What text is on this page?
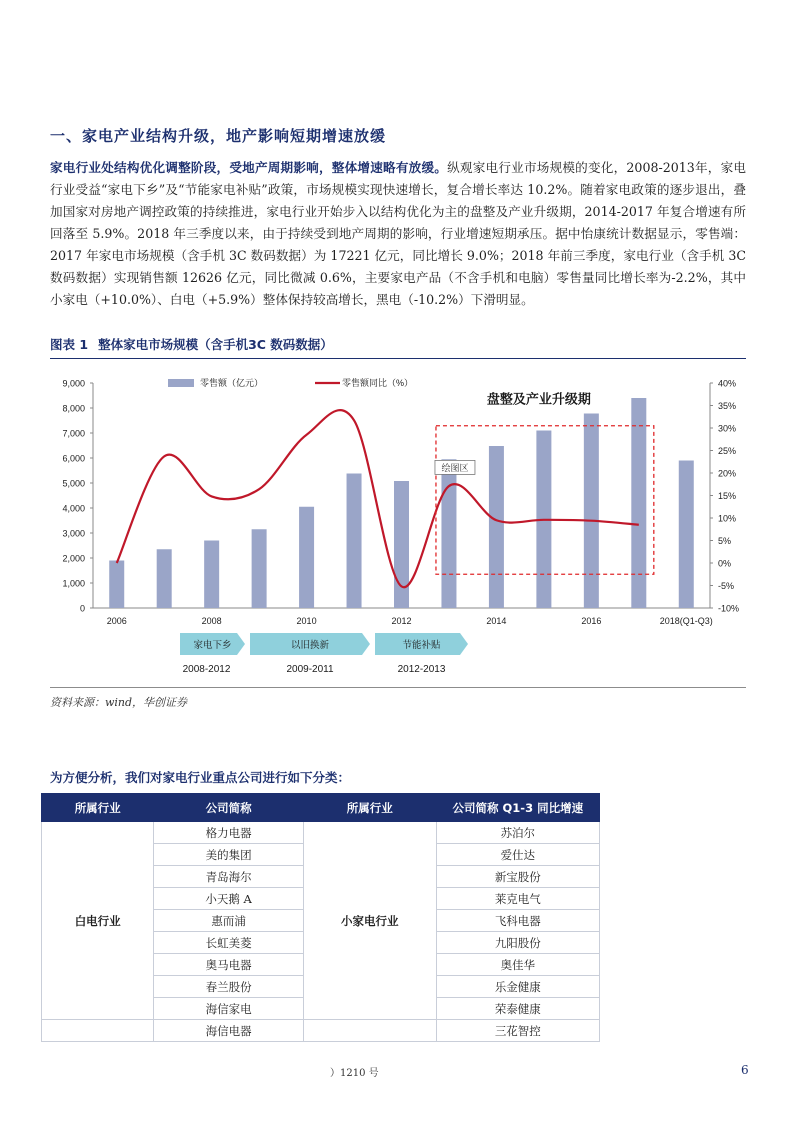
一、家电产业结构升级，地产影响短期增速放缓

家电行业处结构优化调整阶段，受地产周期影响，整体增速略有放缓。纵观家电行业市场规模的变化，2008-2013年，家电行业受益“家电下乡”及“节能家电补贴”政策，市场规模实现快速增长，复合增长率达 10.2%。随着家电政策的逐步退出，叠加国家对房地产调控政策的持续推进，家电行业开始步入以结构优化为主的盘整及产业升级期，2014-2017 年复合增速有所回落至 5.9%。2018 年三季度以来，由于持续受到地产周期的影响，行业增速短期承压。据中怡康统计数据显示，零售端：2017 年家电市场规模（含手机 3C 数码数据）为 17221 亿元，同比增长 9.0%；2018 年前三季度，家电行业（含手机 3C 数码数据）实现销售额 12626 亿元，同比微减 0.6%，主要家电产品（不含手机和电脑）零售量同比增长率为-2.2%，其中小家电（+10.0%）、白电（+5.9%）整体保持较高增长，黑电（-10.2%）下滑明显。

图表 1 整体家电市场规模（含手机3C 数码数据）
0
1,000
2,000
3,000
4,000
5,000
6,000
7,000
8,000
9,000
-10%
-5%
0%
5%
10%
15%
20%
25%
30%
35%
40%
2006	2008	2010	2012	2014	2016	2018(Q1-Q3)
盘整及产业升级期
绘图区
零售额（亿元）	零售额同比（%）
家电下乡
2008-2012
以旧换新
2009-2011
节能补贴
2012-2013
资料来源：wind，华创证券
为方便分析，我们对家电行业重点公司进行如下分类：
所属行业	公司简称	所属行业	公司简称 Q1-3 同比增速
白电行业	格力电器	小家电行业	苏泊尔
	美的集团		爱仕达
	青岛海尔		新宝股份
	小天鹅 A		莱克电气
	惠而浦		飞科电器
	长虹美菱		九阳股份
	奥马电器		奥佳华
	春兰股份		乐金健康
	海信家电		荣泰健康
	海信电器		三花智控
）1210 号	6
